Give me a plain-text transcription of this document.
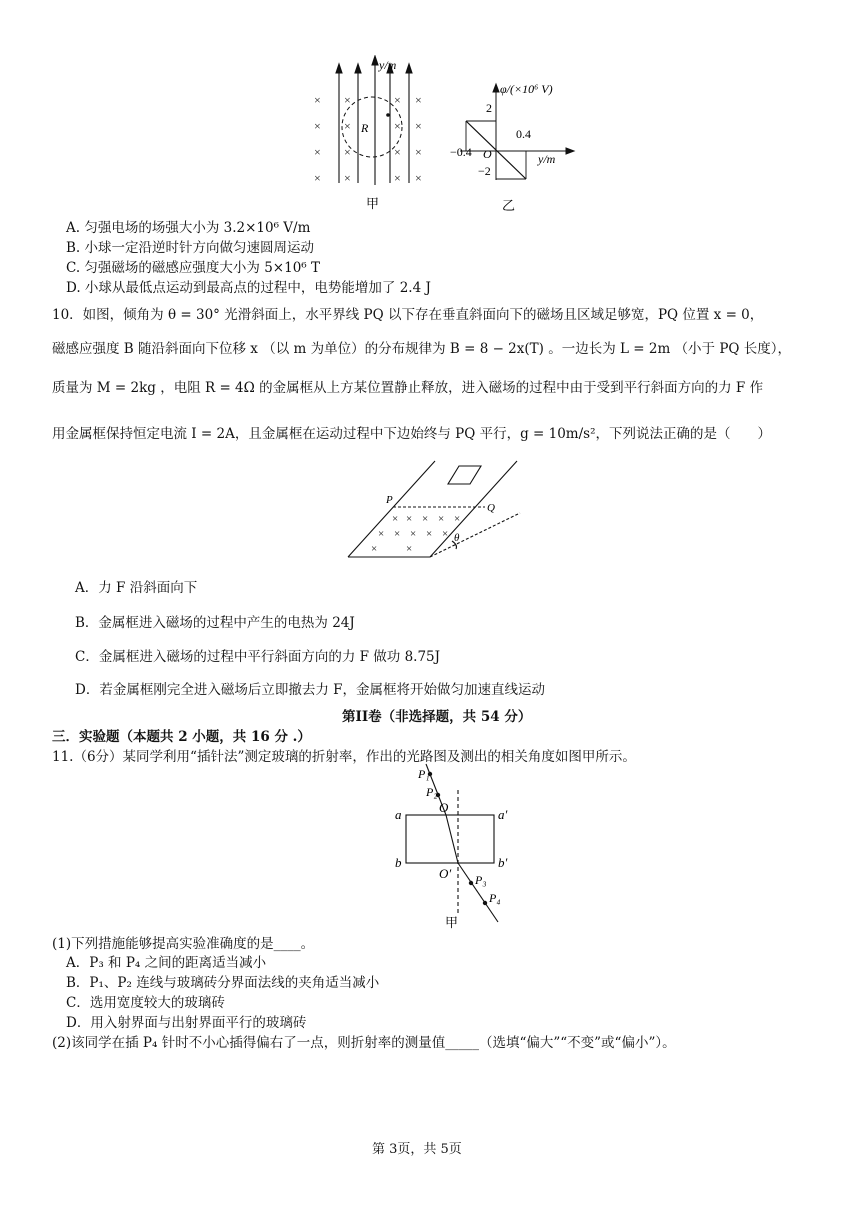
×
×
×
×
×
×
×
×
×
×
×
×
×
×
×
×
y/m
R
甲
φ/(×10⁶ V)
2
0.4
−0.4 O	y/m
−2
乙
A. 匀强电场的场强大小为 3.2×10⁶ V/m
B. 小球一定沿逆时针方向做匀速圆周运动
C. 匀强磁场的磁感应强度大小为 5×10⁶ T
D. 小球从最低点运动到最高点的过程中，电势能增加了 2.4 J
10．如图，倾角为 θ = 30° 光滑斜面上，水平界线 PQ 以下存在垂直斜面向下的磁场且区域足够宽，PQ 位置 x = 0，
磁感应强度 B 随沿斜面向下位移 x （以 m 为单位）的分布规律为 B = 8 − 2x(T) 。一边长为 L = 2m （小于 PQ 长度），
质量为 M = 2kg ，电阻 R = 4Ω 的金属框从上方某位置静止释放，进入磁场的过程中由于受到平行斜面方向的力 F 作
用金属框保持恒定电流 I = 2A，且金属框在运动过程中下边始终与 PQ 平行，g = 10m/s²，下列说法正确的是（　　）
× × × × ×
× × × × ×
×	×
P
Q
θ
A．力 F 沿斜面向下
B．金属框进入磁场的过程中产生的电热为 24J
C．金属框进入磁场的过程中平行斜面方向的力 F 做功 8.75J
D．若金属框刚完全进入磁场后立即撤去力 F，金属框将开始做匀加速直线运动
第II卷（非选择题，共 54 分）
三．实验题（本题共 2 小题，共 16 分 .）
11.（6分）某同学利用“插针法”测定玻璃的折射率，作出的光路图及测出的相关角度如图甲所示。
P₁
P₂
O
a	a′
b	b′
O′ P₃
P₄
甲
(1)下列措施能够提高实验准确度的是____。
A．P₃ 和 P₄ 之间的距离适当减小
B．P₁、P₂ 连线与玻璃砖分界面法线的夹角适当减小
C．选用宽度较大的玻璃砖
D．用入射界面与出射界面平行的玻璃砖
(2)该同学在插 P₄ 针时不小心插得偏右了一点，则折射率的测量值_____（选填“偏大”“不变”或“偏小”）。
第 3页，共 5页
